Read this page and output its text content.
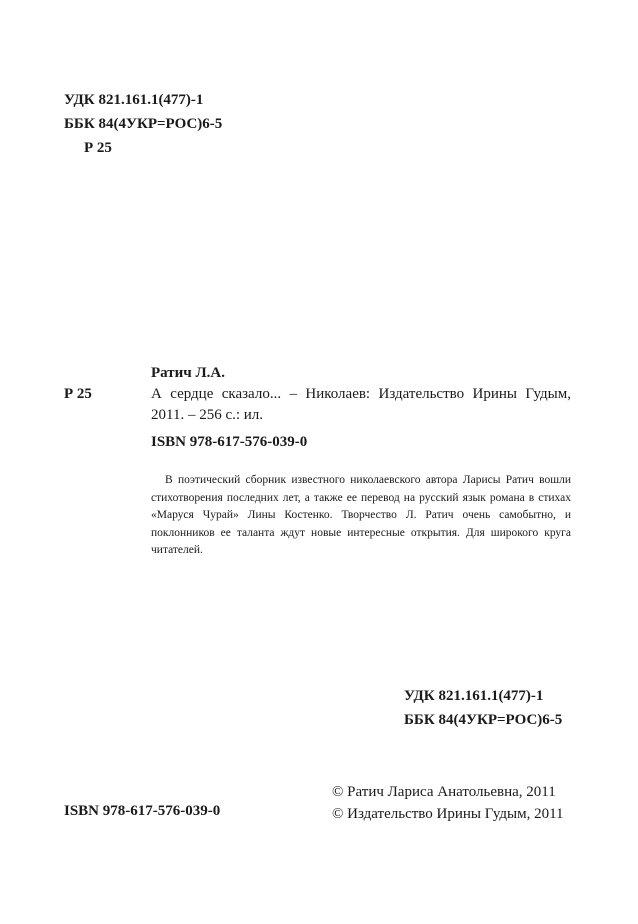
УДК 821.161.1(477)-1
ББК 84(4УКР=РОС)6-5
Р 25
Р 25
Ратич Л.А.
А сердце сказало... – Николаев: Издательство Ирины Гудым, 2011. – 256 с.: ил.
ISBN 978-617-576-039-0

В поэтический сборник известного николаевского автора Ларисы Ратич вошли стихотворения последних лет, а также ее перевод на русский язык романа в стихах «Маруся Чурай» Лины Костенко. Творчество Л. Ратич очень самобытно, и поклонников ее таланта ждут новые интересные открытия. Для широкого круга читателей.

УДК 821.161.1(477)-1
ББК 84(4УКР=РОС)6-5
© Ратич Лариса Анатольевна, 2011
© Издательство Ирины Гудым, 2011
ISBN 978-617-576-039-0
